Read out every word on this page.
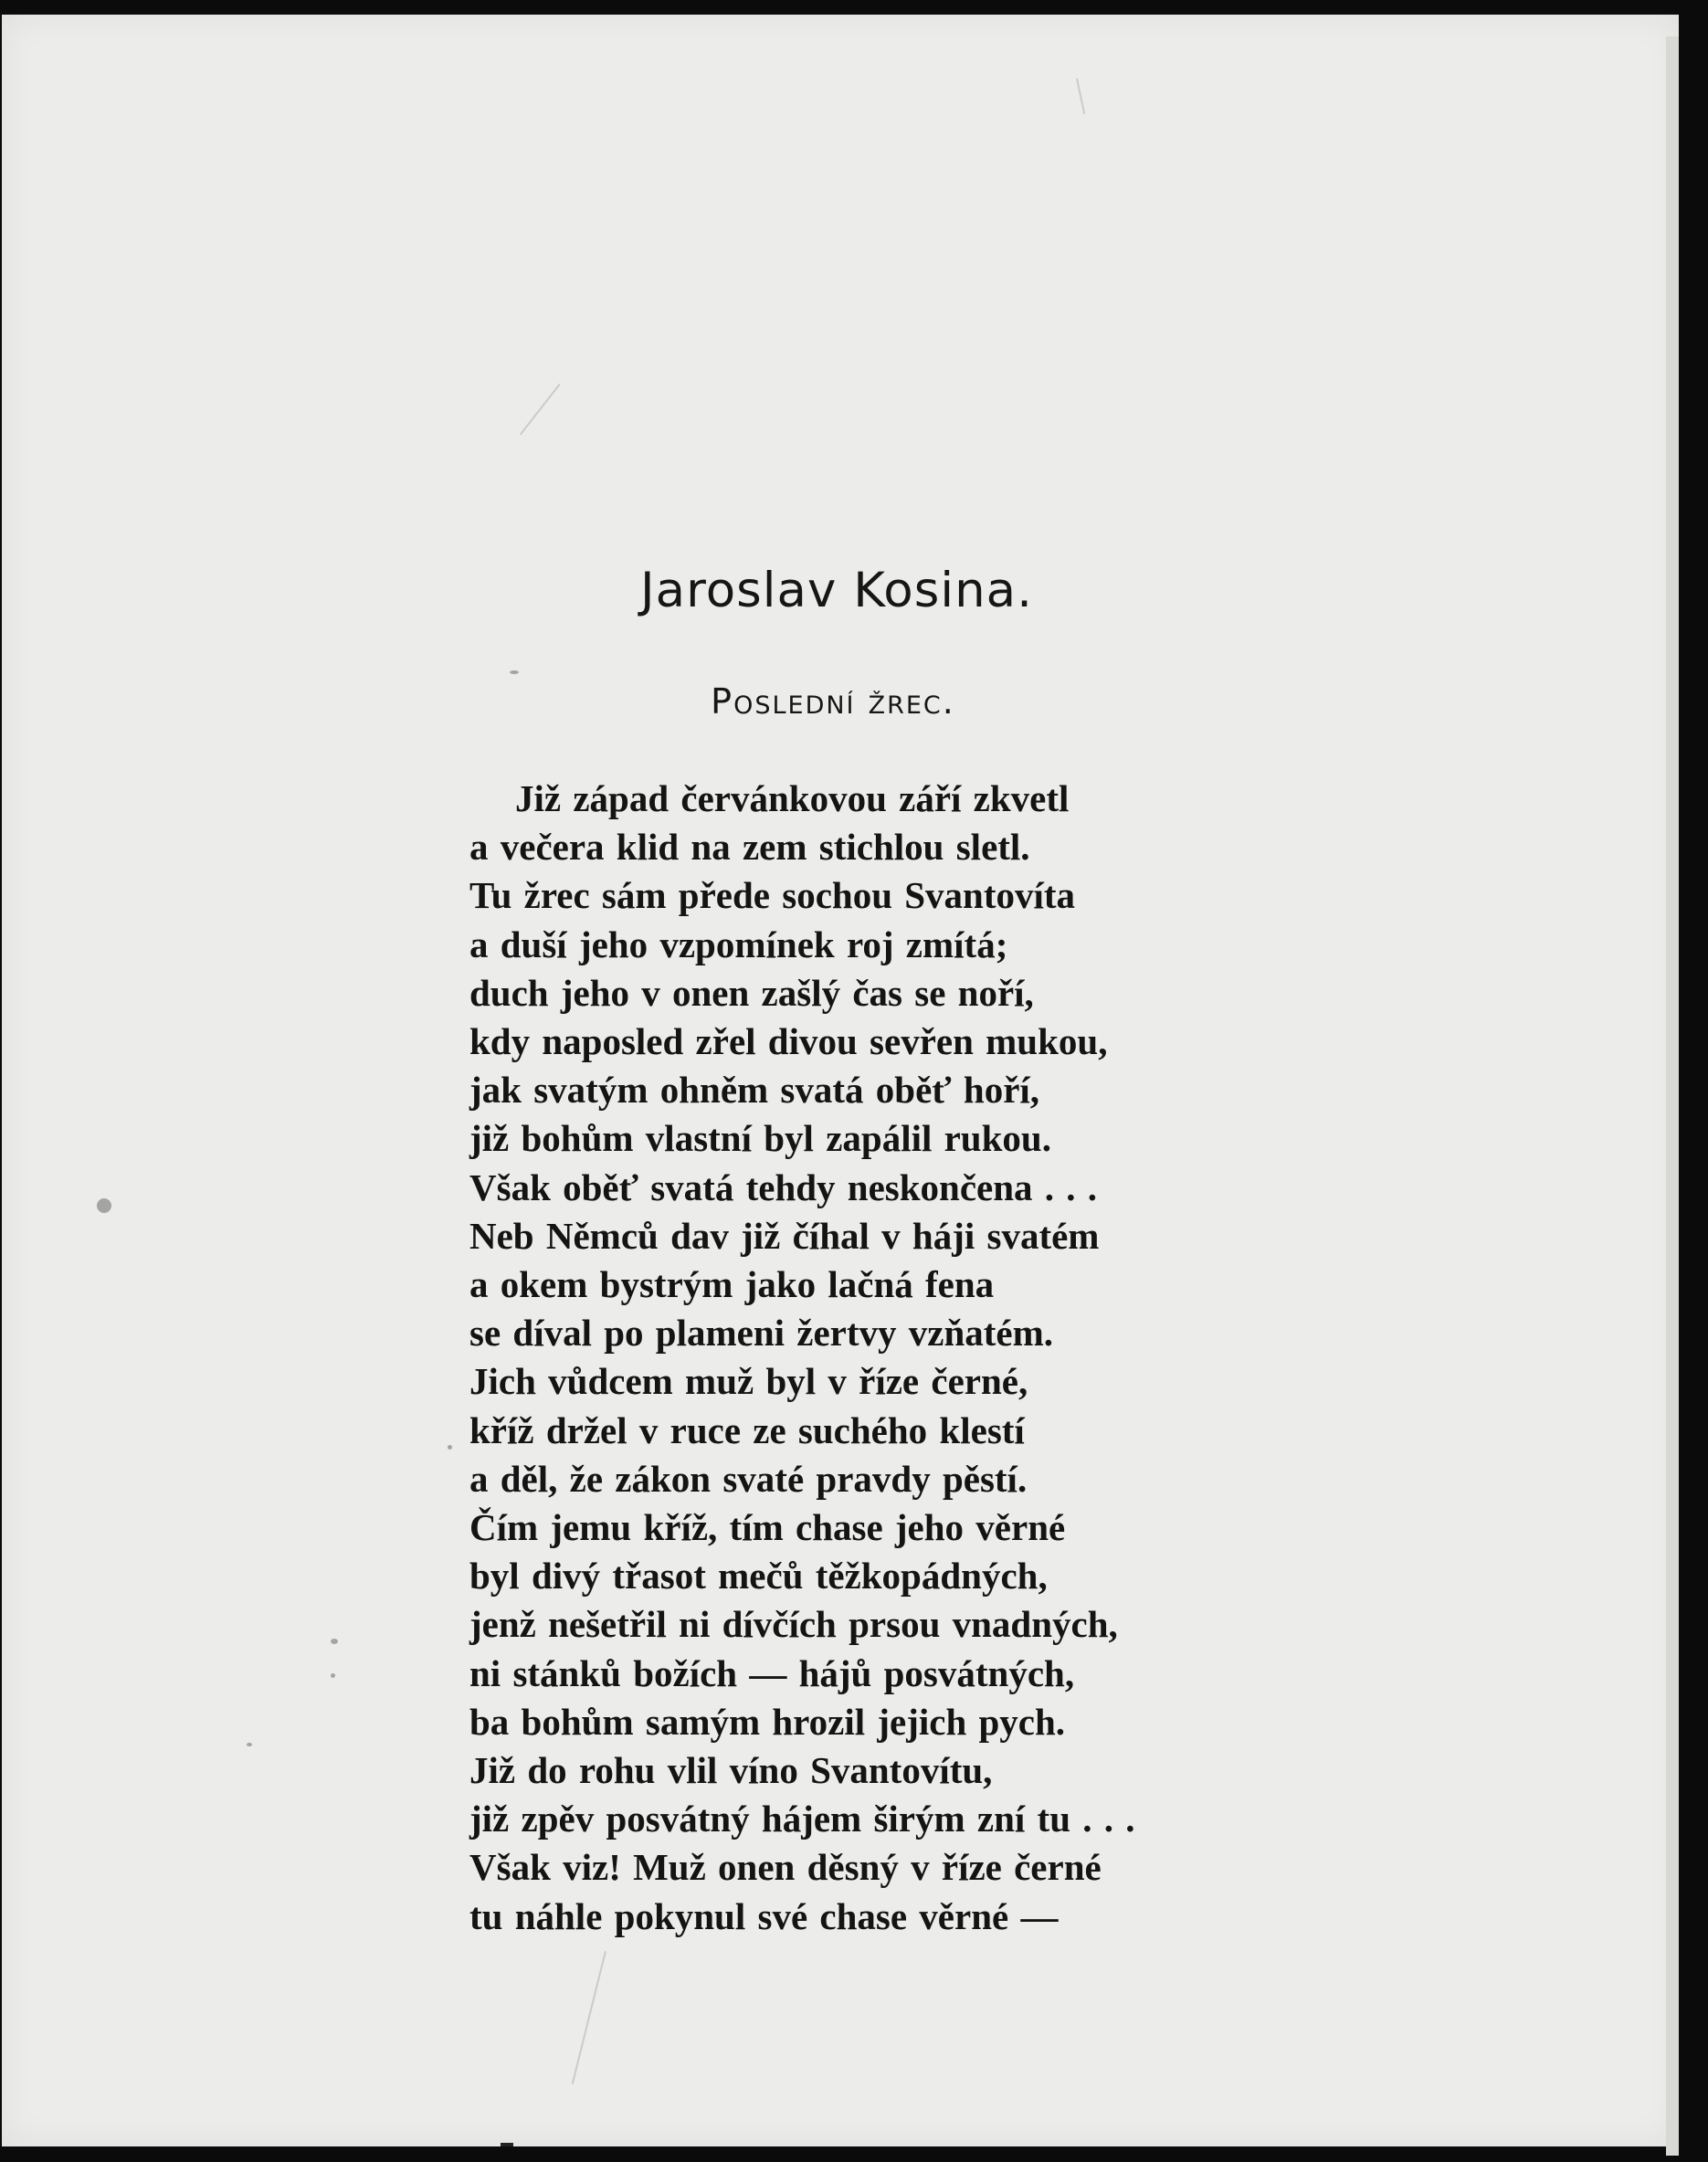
Jaroslav Kosina.
Poslední žrec.
Již západ červánkovou září zkvetl
a večera klid na zem stichlou sletl.
Tu žrec sám přede sochou Svantovíta
a duší jeho vzpomínek roj zmítá;
duch jeho v onen zašlý čas se noří,
kdy naposled zřel divou sevřen mukou,
jak svatým ohněm svatá oběť hoří,
již bohům vlastní byl zapálil rukou.
Však oběť svatá tehdy neskončena . . .
Neb Němců dav již číhal v háji svatém
a okem bystrým jako lačná fena
se díval po plameni žertvy vzňatém.
Jich vůdcem muž byl v říze černé,
kříž držel v ruce ze suchého klestí
a děl, že zákon svaté pravdy pěstí.
Čím jemu kříž, tím chase jeho věrné
byl divý třasot mečů těžkopádných,
jenž nešetřil ni dívčích prsou vnadných,
ni stánků božích — hájů posvátných,
ba bohům samým hrozil jejich pych.
Již do rohu vlil víno Svantovítu,
již zpěv posvátný hájem širým zní tu . . .
Však viz! Muž onen děsný v říze černé
tu náhle pokynul své chase věrné —
